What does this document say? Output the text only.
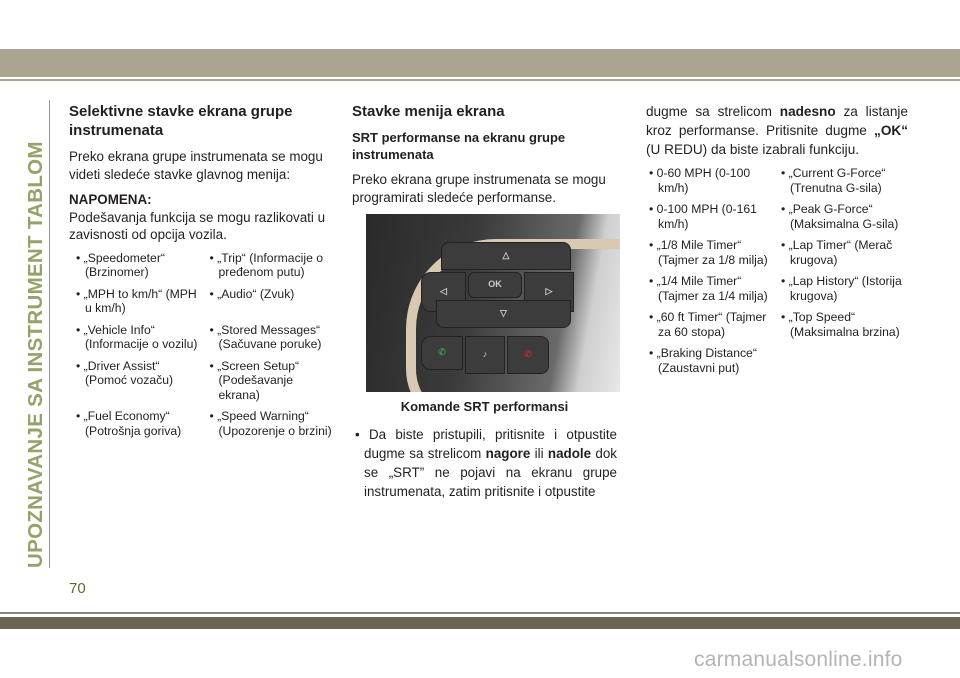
UPOZNAVANJE SA INSTRUMENT TABLOM
Selektivne stavke ekrana grupe instrumenata

Preko ekrana grupe instrumenata se mogu videti sledeće stavke glavnog menija:

NAPOMENA:
Podešavanja funkcija se mogu razlikovati u zavisnosti od opcija vozila.
• „Speedometer“ (Brzinomer)
• „Trip“ (Informacije o pređenom putu)
• „MPH to km/h“ (MPH u km/h)
• „Audio“ (Zvuk)
• „Vehicle Info“ (Informacije o vozilu)
• „Stored Messages“ (Sačuvane poruke)
• „Driver Assist“ (Pomoć vozaču)
• „Screen Setup“ (Podešavanje ekrana)
• „Fuel Economy“ (Potrošnja goriva)
• „Speed Warning“ (Upozorenje o brzini)
Stavke menija ekrana
SRT performanse na ekranu grupe instrumenata

Preko ekrana grupe instrumenata se mogu programirati sledeće performanse.

△
◁
OK
▷
▽
✆	♪	✆
Komande SRT performansi
• Da biste pristupili, pritisnite i otpustite dugme sa strelicom nagore ili nadole dok se „SRT” ne pojavi na ekranu grupe instrumenata, zatim pritisnite i otpustite
dugme sa strelicom nadesno za listanje kroz performanse. Pritisnite dugme „OK“ (U REDU) da biste izabrali funkciju.
• 0-60 MPH (0-100 km/h)
• „Current G-Force“ (Trenutna G-sila)
• 0-100 MPH (0-161 km/h)
• „Peak G-Force“ (Maksimalna G-sila)
• „1/8 Mile Timer“ (Tajmer za 1/8 milja)
• „Lap Timer“ (Merač krugova)
• „1/4 Mile Timer“ (Tajmer za 1/4 milja)
• „Lap History“ (Istorija krugova)
• „60 ft Timer“ (Tajmer za 60 stopa)
• „Top Speed“ (Maksimalna brzina)
• „Braking Distance“ (Zaustavni put)
70
carmanualsonline.info
